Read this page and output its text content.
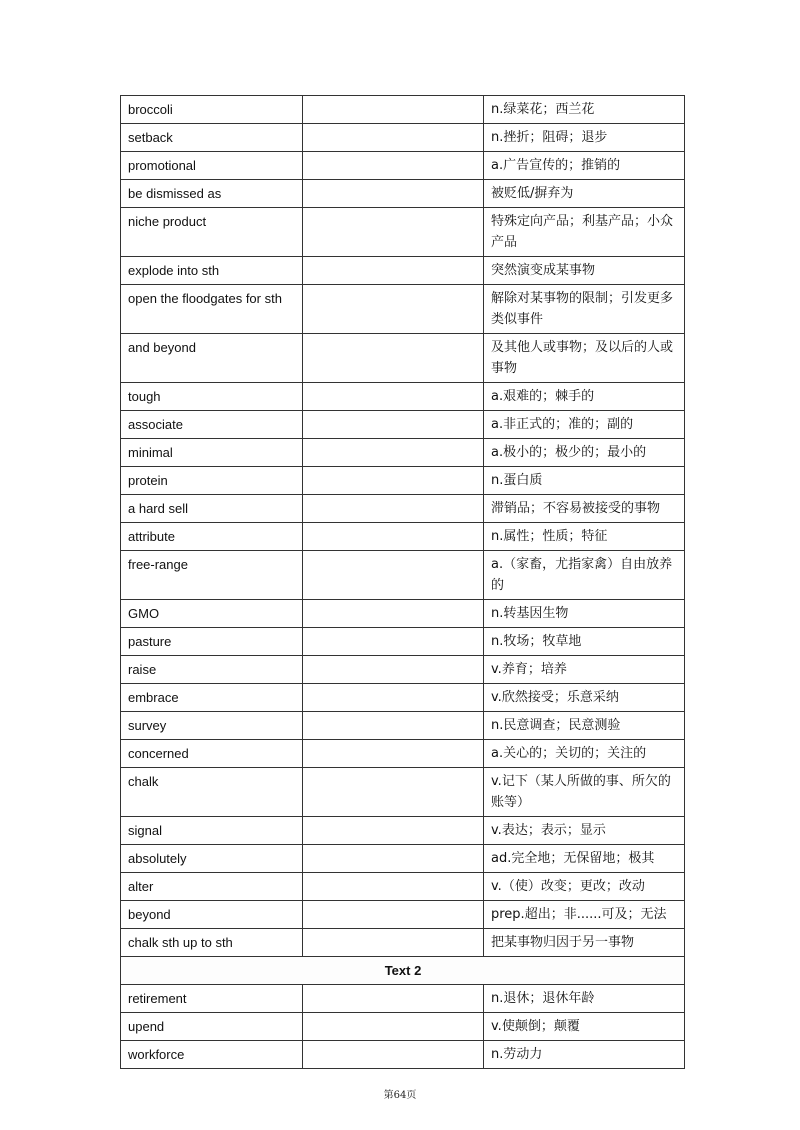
broccoli		n.绿菜花；西兰花
setback		n.挫折；阻碍；退步
promotional		a.广告宣传的；推销的
be dismissed as		被贬低/摒弃为
niche product		特殊定向产品；利基产品；小众产品
explode into sth		突然演变成某事物
open the floodgates for sth		解除对某事物的限制；引发更多类似事件
and beyond		及其他人或事物；及以后的人或事物
tough		a.艰难的；棘手的
associate		a.非正式的；准的；副的
minimal		a.极小的；极少的；最小的
protein		n.蛋白质
a hard sell		滞销品；不容易被接受的事物
attribute		n.属性；性质；特征
free-range		a.（家畜，尤指家禽）自由放养的
GMO		n.转基因生物
pasture		n.牧场；牧草地
raise		v.养育；培养
embrace		v.欣然接受；乐意采纳
survey		n.民意调查；民意测验
concerned		a.关心的；关切的；关注的
chalk		v.记下（某人所做的事、所欠的账等）
signal		v.表达；表示；显示
absolutely		ad.完全地；无保留地；极其
alter		v.（使）改变；更改；改动
beyond		prep.超出；非......可及；无法
chalk sth up to sth		把某事物归因于另一事物
Text 2		
retirement		n.退休；退休年龄
upend		v.使颠倒；颠覆
workforce		n.劳动力
第64页
